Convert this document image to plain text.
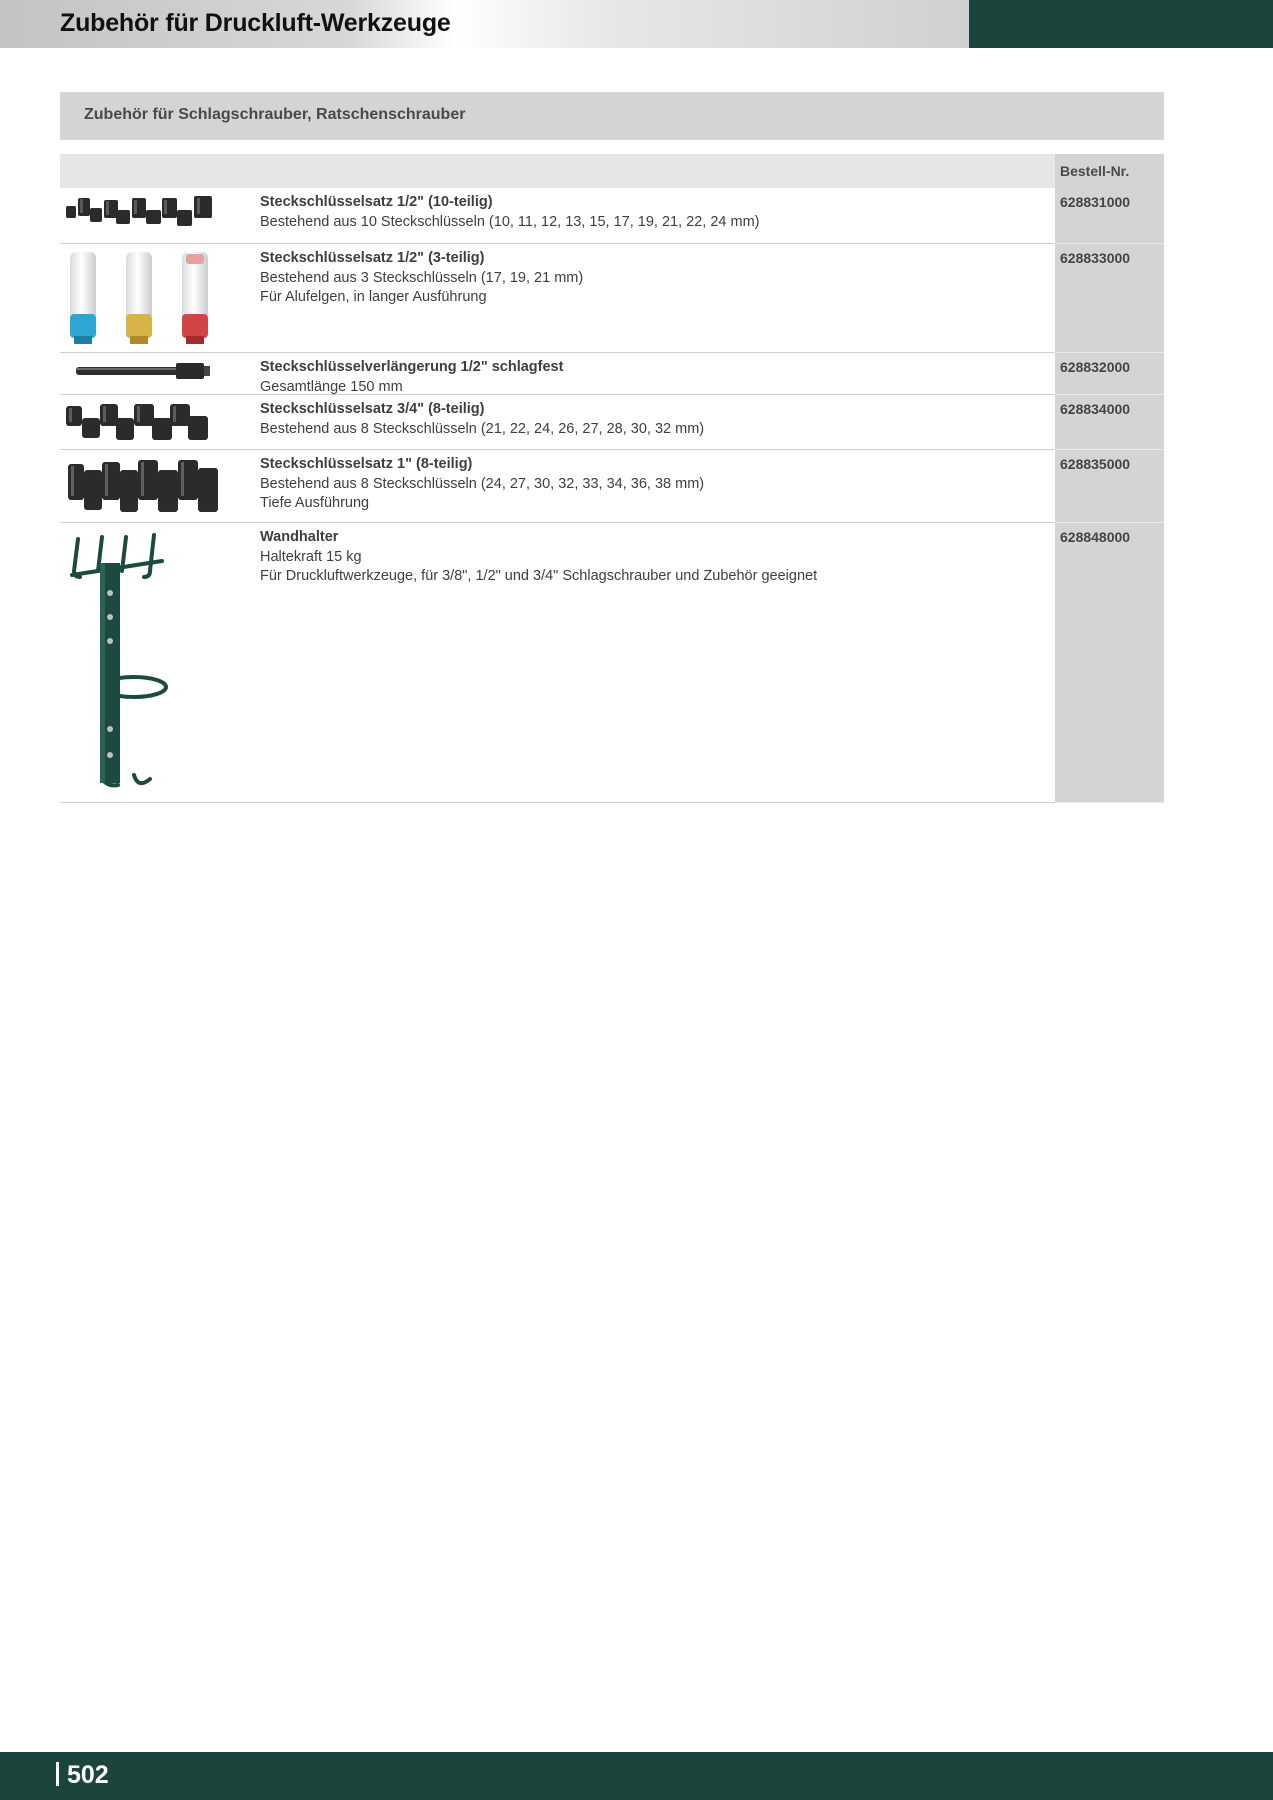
Zubehör für Druckluft-Werkzeuge
Zubehör für Schlagschrauber, Ratschenschrauber
Bestell-Nr.
Steckschlüsselsatz 1/2" (10-teilig)
Bestehend aus 10 Steckschlüsseln (10, 11, 12, 13, 15, 17, 19, 21, 22, 24 mm)
628831000
Steckschlüsselsatz 1/2" (3-teilig)
Bestehend aus 3 Steckschlüsseln (17, 19, 21 mm)
Für Alufelgen, in langer Ausführung
628833000
Steckschlüsselverlängerung 1/2" schlagfest
Gesamtlänge 150 mm
628832000
Steckschlüsselsatz 3/4" (8-teilig)
Bestehend aus 8 Steckschlüsseln (21, 22, 24, 26, 27, 28, 30, 32 mm)
628834000
Steckschlüsselsatz 1" (8-teilig)
Bestehend aus 8 Steckschlüsseln (24, 27, 30, 32, 33, 34, 36, 38 mm)
Tiefe Ausführung
628835000
Wandhalter
Haltekraft 15 kg
Für Druckluftwerkzeuge, für 3/8", 1/2" und 3/4" Schlagschrauber und Zubehör geeignet
628848000
502
